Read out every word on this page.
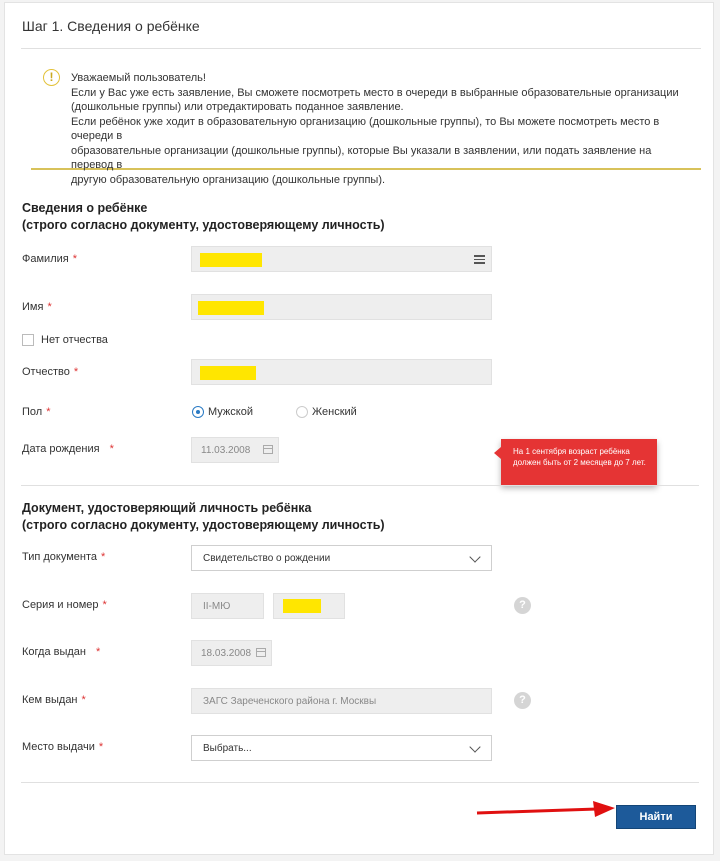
Шаг 1. Сведения о ребёнке
!	Уважаемый пользователь!
Если у Вас уже есть заявление, Вы сможете посмотреть место в очереди в выбранные образовательные организации
(дошкольные группы) или отредактировать поданное заявление.
Если ребёнок уже ходит в образовательную организацию (дошкольные группы), то Вы можете посмотреть место в очереди в
образовательные организации (дошкольные группы), которые Вы указали в заявлении, или подать заявление на перевод в
другую образовательную организацию (дошкольные группы).
Сведения о ребёнке
(строго согласно документу, удостоверяющему личность)
Фамилия *
Имя *
Нет отчества
Отчество *
Пол *	Мужской	Женский
Дата рождения *	11.03.2008	На 1 сентября возраст ребёнка должен быть от 2 месяцев до 7 лет.
Документ, удостоверяющий личность ребёнка
(строго согласно документу, удостоверяющему личность)
Тип документа *	Свидетельство о рождении
Серия и номер *	II-МЮ	?
Когда выдан *	18.03.2008
Кем выдан *	ЗАГС Зареченского района г. Москвы	?
Место выдачи *	Выбрать...
Найти
